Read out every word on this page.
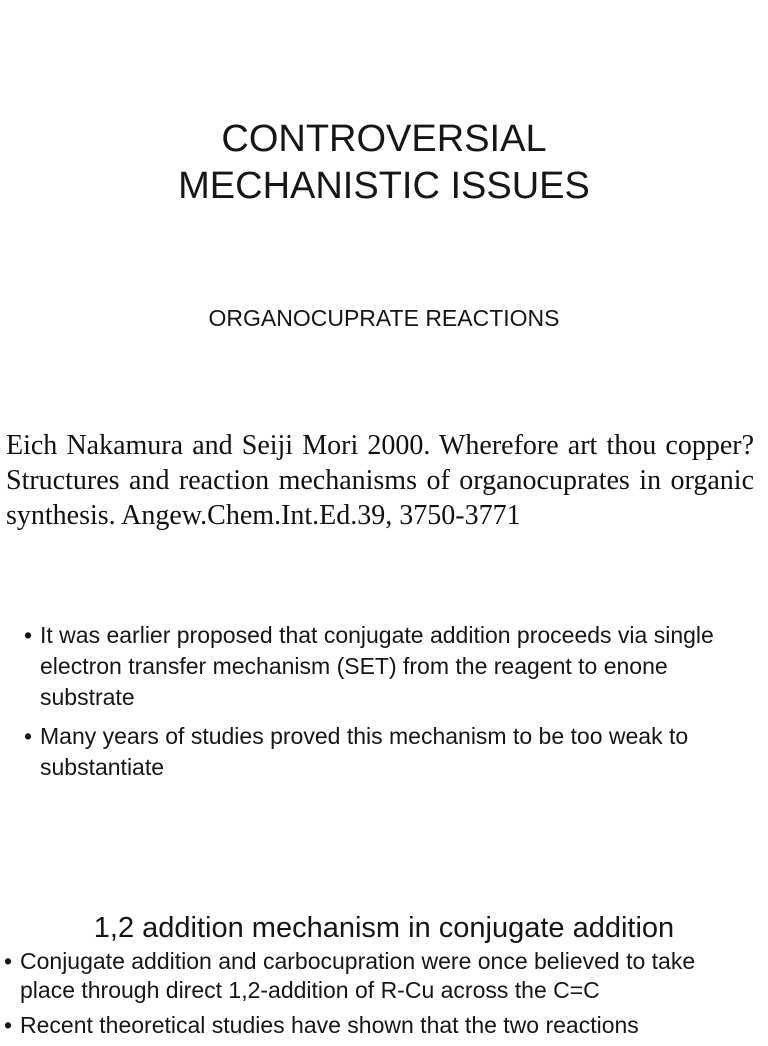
CONTROVERSIAL
MECHANISTIC ISSUES
ORGANOCUPRATE REACTIONS

Eich Nakamura and Seiji Mori 2000. Wherefore art thou copper? Structures and reaction mechanisms of organocuprates in organic synthesis. Angew.Chem.Int.Ed.39, 3750-3771

• It was earlier proposed that conjugate addition proceeds via single electron transfer mechanism (SET) from the reagent to enone substrate
• Many years of studies proved this mechanism to be too weak to substantiate
1,2 addition mechanism in conjugate addition
• Conjugate addition and carbocupration were once believed to take place through direct 1,2-addition of R-Cu across the C=C
• Recent theoretical studies have shown that the two reactions
